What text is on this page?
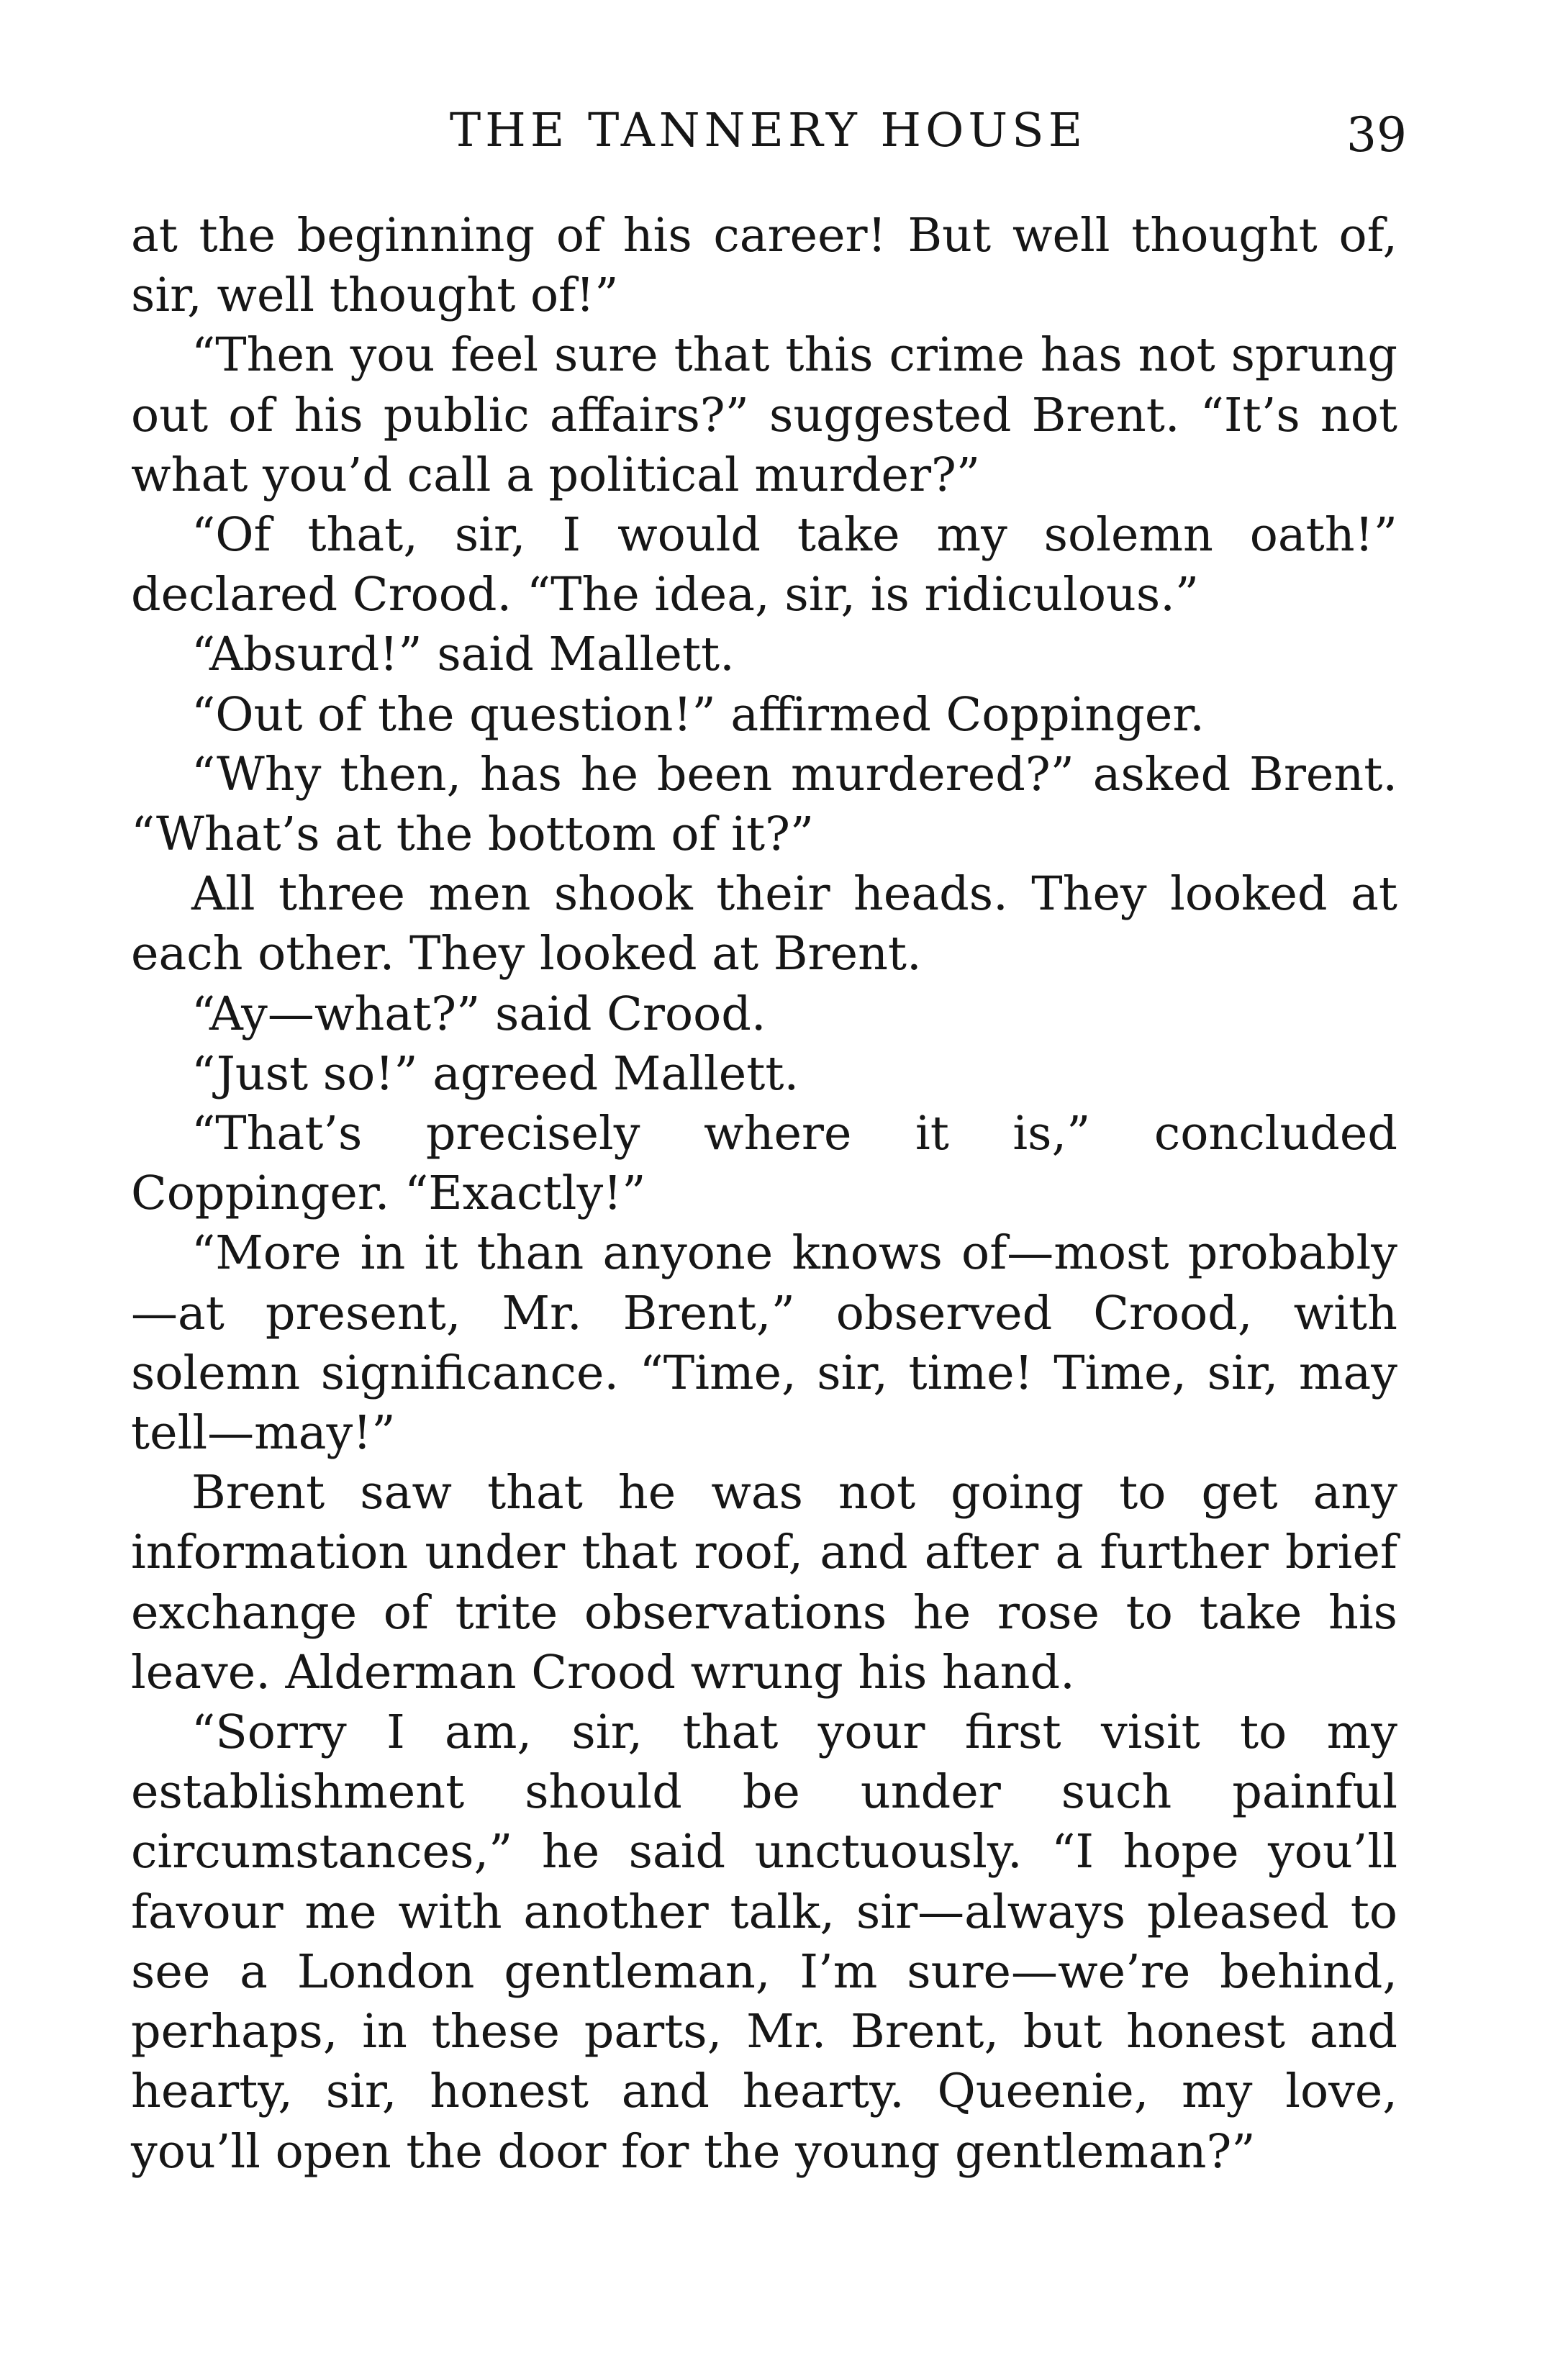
THE TANNERY HOUSE	39

at the beginning of his career! But well thought of, sir, well thought of!”

“Then you feel sure that this crime has not sprung out of his public affairs?” suggested Brent. “It’s not what you’d call a political murder?”

“Of that, sir, I would take my solemn oath!” declared Crood. “The idea, sir, is ridiculous.”

“Absurd!” said Mallett.

“Out of the question!” affirmed Coppinger.

“Why then, has he been murdered?” asked Brent. “What’s at the bottom of it?”

All three men shook their heads. They looked at each other. They looked at Brent.

“Ay—what?” said Crood.

“Just so!” agreed Mallett.

“That’s precisely where it is,” concluded Coppinger. “Exactly!”

“More in it than anyone knows of—most probably—at present, Mr. Brent,” observed Crood, with solemn significance. “Time, sir, time! Time, sir, may tell—may!”

Brent saw that he was not going to get any information under that roof, and after a further brief exchange of trite observations he rose to take his leave. Alderman Crood wrung his hand.

“Sorry I am, sir, that your first visit to my establishment should be under such painful circumstances,” he said unctuously. “I hope you’ll favour me with another talk, sir—always pleased to see a London gentleman, I’m sure—we’re behind, perhaps, in these parts, Mr. Brent, but honest and hearty, sir, honest and hearty. Queenie, my love, you’ll open the door for the young gentleman?”
